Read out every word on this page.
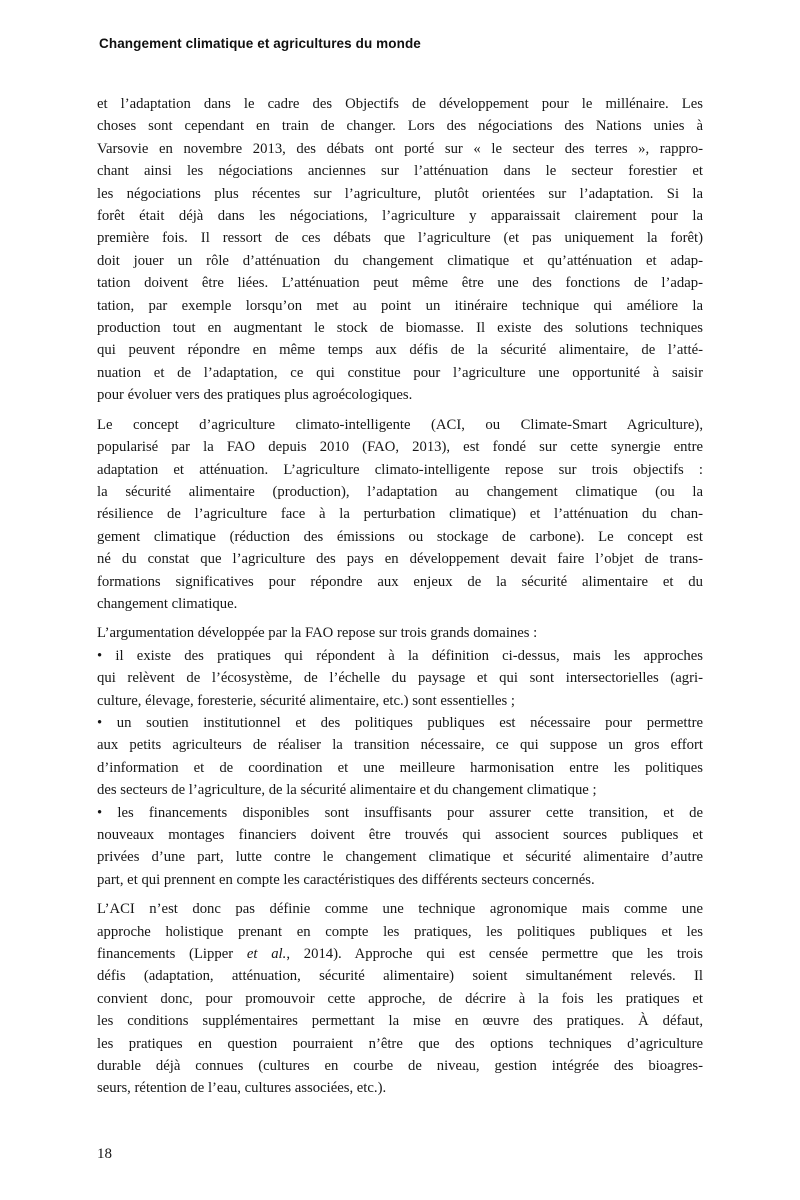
Changement climatique et agricultures du monde
et l’adaptation dans le cadre des Objectifs de développement pour le millénaire. Les
choses sont cependant en train de changer. Lors des négociations des Nations unies à
Varsovie en novembre 2013, des débats ont porté sur « le secteur des terres », rappro-
chant ainsi les négociations anciennes sur l’atténuation dans le secteur forestier et
les négociations plus récentes sur l’agriculture, plutôt orientées sur l’adaptation. Si la
forêt était déjà dans les négociations, l’agriculture y apparaissait clairement pour la
première fois. Il ressort de ces débats que l’agriculture (et pas uniquement la forêt)
doit jouer un rôle d’atténuation du changement climatique et qu’atténuation et adap-
tation doivent être liées. L’atténuation peut même être une des fonctions de l’adap-
tation, par exemple lorsqu’on met au point un itinéraire technique qui améliore la
production tout en augmentant le stock de biomasse. Il existe des solutions techniques
qui peuvent répondre en même temps aux défis de la sécurité alimentaire, de l’atté-
nuation et de l’adaptation, ce qui constitue pour l’agriculture une opportunité à saisir
pour évoluer vers des pratiques plus agroécologiques.
Le concept d’agriculture climato-intelligente (ACI, ou Climate-Smart Agriculture),
popularisé par la FAO depuis 2010 (FAO, 2013), est fondé sur cette synergie entre
adaptation et atténuation. L’agriculture climato-intelligente repose sur trois objectifs :
la sécurité alimentaire (production), l’adaptation au changement climatique (ou la
résilience de l’agriculture face à la perturbation climatique) et l’atténuation du chan-
gement climatique (réduction des émissions ou stockage de carbone). Le concept est
né du constat que l’agriculture des pays en développement devait faire l’objet de trans-
formations significatives pour répondre aux enjeux de la sécurité alimentaire et du
changement climatique.
L’argumentation développée par la FAO repose sur trois grands domaines :
• il existe des pratiques qui répondent à la définition ci-dessus, mais les approches
qui relèvent de l’écosystème, de l’échelle du paysage et qui sont intersectorielles (agri-
culture, élevage, foresterie, sécurité alimentaire, etc.) sont essentielles ;
• un soutien institutionnel et des politiques publiques est nécessaire pour permettre
aux petits agriculteurs de réaliser la transition nécessaire, ce qui suppose un gros effort
d’information et de coordination et une meilleure harmonisation entre les politiques
des secteurs de l’agriculture, de la sécurité alimentaire et du changement climatique ;
• les financements disponibles sont insuffisants pour assurer cette transition, et de
nouveaux montages financiers doivent être trouvés qui associent sources publiques et
privées d’une part, lutte contre le changement climatique et sécurité alimentaire d’autre
part, et qui prennent en compte les caractéristiques des différents secteurs concernés.
L’ACI n’est donc pas définie comme une technique agronomique mais comme une
approche holistique prenant en compte les pratiques, les politiques publiques et les
financements (Lipper et al., 2014). Approche qui est censée permettre que les trois
défis (adaptation, atténuation, sécurité alimentaire) soient simultanément relevés. Il
convient donc, pour promouvoir cette approche, de décrire à la fois les pratiques et
les conditions supplémentaires permettant la mise en œuvre des pratiques. À défaut,
les pratiques en question pourraient n’être que des options techniques d’agriculture
durable déjà connues (cultures en courbe de niveau, gestion intégrée des bioagres-
seurs, rétention de l’eau, cultures associées, etc.).
18
